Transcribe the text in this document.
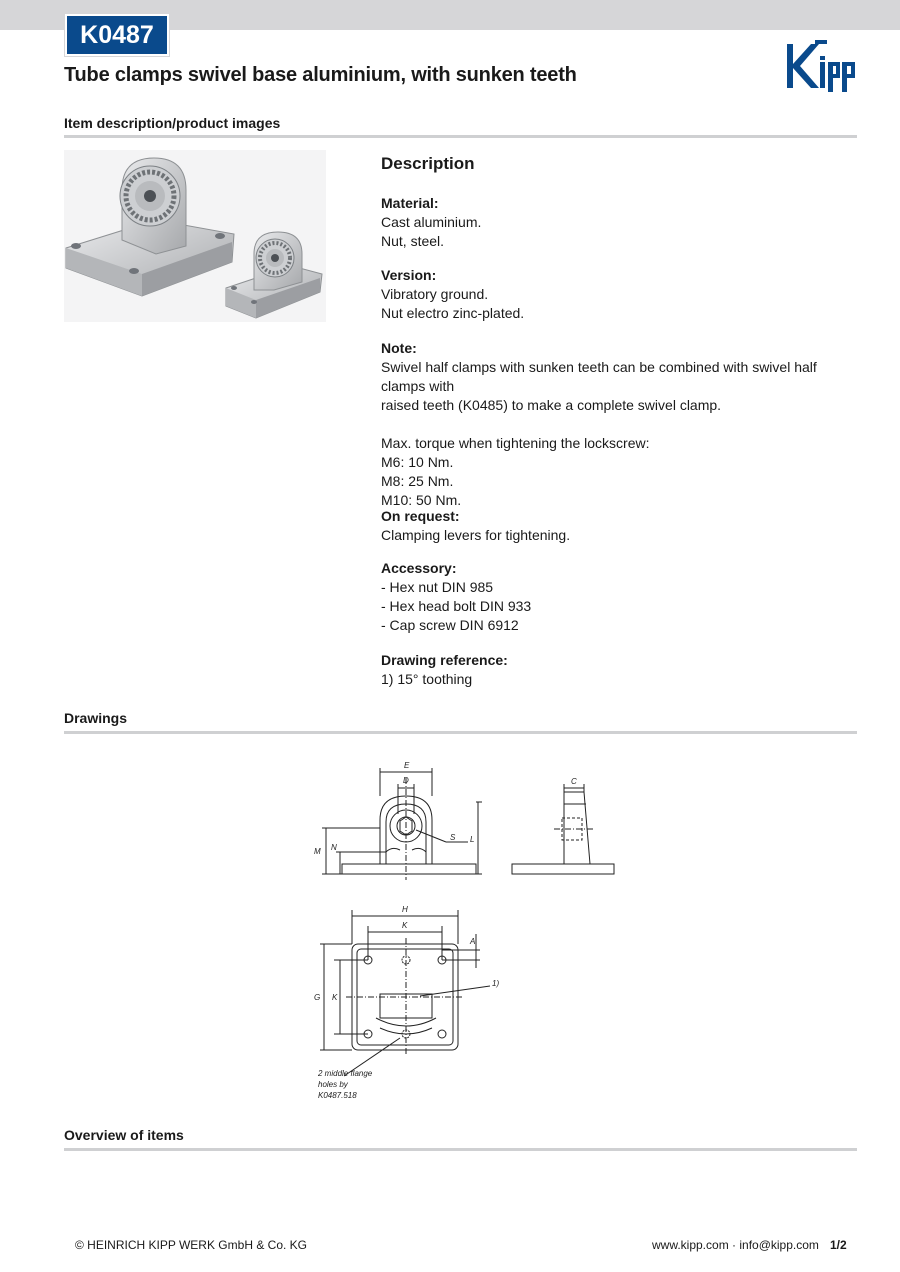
K0487
Tube clamps swivel base aluminium, with sunken teeth
Item description/product images
Description
Material:
Cast aluminium.
Nut, steel.
Version:
Vibratory ground.
Nut electro zinc-plated.
Note:
Swivel half clamps with sunken teeth can be combined with swivel half clamps with
raised teeth (K0485) to make a complete swivel clamp.
Max. torque when tightening the lockscrew:
M6: 10 Nm.
M8: 25 Nm.
M10: 50 Nm.
On request:
Clamping levers for tightening.
Accessory:
- Hex nut DIN 985
- Hex head bolt DIN 933
- Cap screw DIN 6912
Drawing reference:
1) 15° toothing
Drawings
E
D	C
S L
M N
H
K
A
G K
1)
2 middle flange
holes by
K0487.518
Overview of items
© HEINRICH KIPP WERK GmbH & Co. KG	www.kipp.com · info@kipp.com 1/2
